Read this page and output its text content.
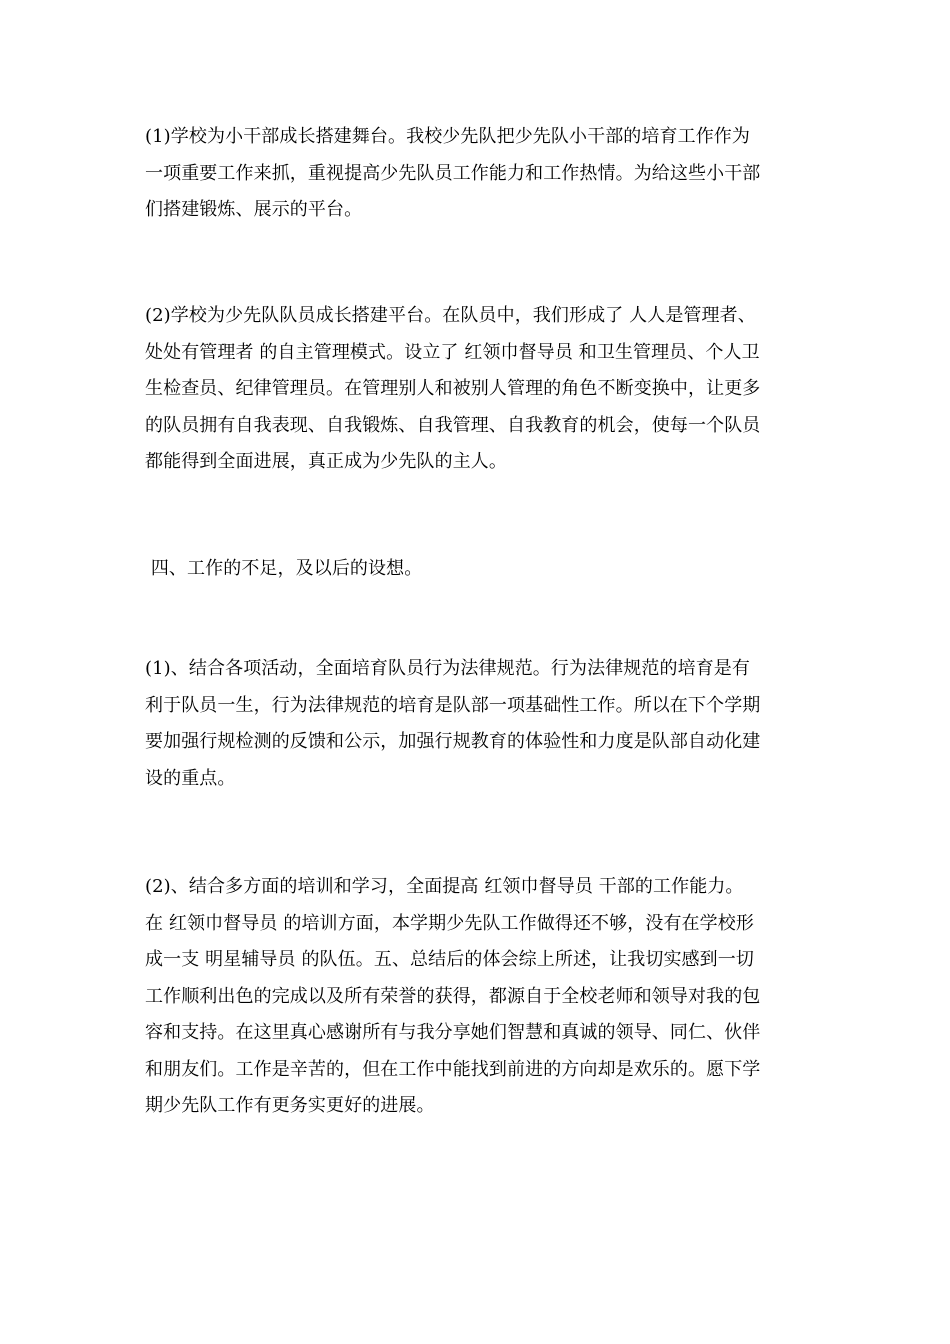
(1)学校为小干部成长搭建舞台。我校少先队把少先队小干部的培育工作作为
一项重要工作来抓，重视提高少先队员工作能力和工作热情。为给这些小干部
们搭建锻炼、展示的平台。

(2)学校为少先队队员成长搭建平台。在队员中，我们形成了 人人是管理者、
处处有管理者 的自主管理模式。设立了 红领巾督导员 和卫生管理员、个人卫
生检查员、纪律管理员。在管理别人和被别人管理的角色不断变换中，让更多
的队员拥有自我表现、自我锻炼、自我管理、自我教育的机会，使每一个队员
都能得到全面进展，真正成为少先队的主人。

四、工作的不足，及以后的设想。

(1)、结合各项活动，全面培育队员行为法律规范。行为法律规范的培育是有
利于队员一生，行为法律规范的培育是队部一项基础性工作。所以在下个学期
要加强行规检测的反馈和公示，加强行规教育的体验性和力度是队部自动化建
设的重点。

(2)、结合多方面的培训和学习，全面提高 红领巾督导员 干部的工作能力。
在 红领巾督导员 的培训方面，本学期少先队工作做得还不够，没有在学校形
成一支 明星辅导员 的队伍。五、总结后的体会综上所述，让我切实感到一切
工作顺利出色的完成以及所有荣誉的获得，都源自于全校老师和领导对我的包
容和支持。在这里真心感谢所有与我分享她们智慧和真诚的领导、同仁、伙伴
和朋友们。工作是辛苦的，但在工作中能找到前进的方向却是欢乐的。愿下学
期少先队工作有更务实更好的进展。
